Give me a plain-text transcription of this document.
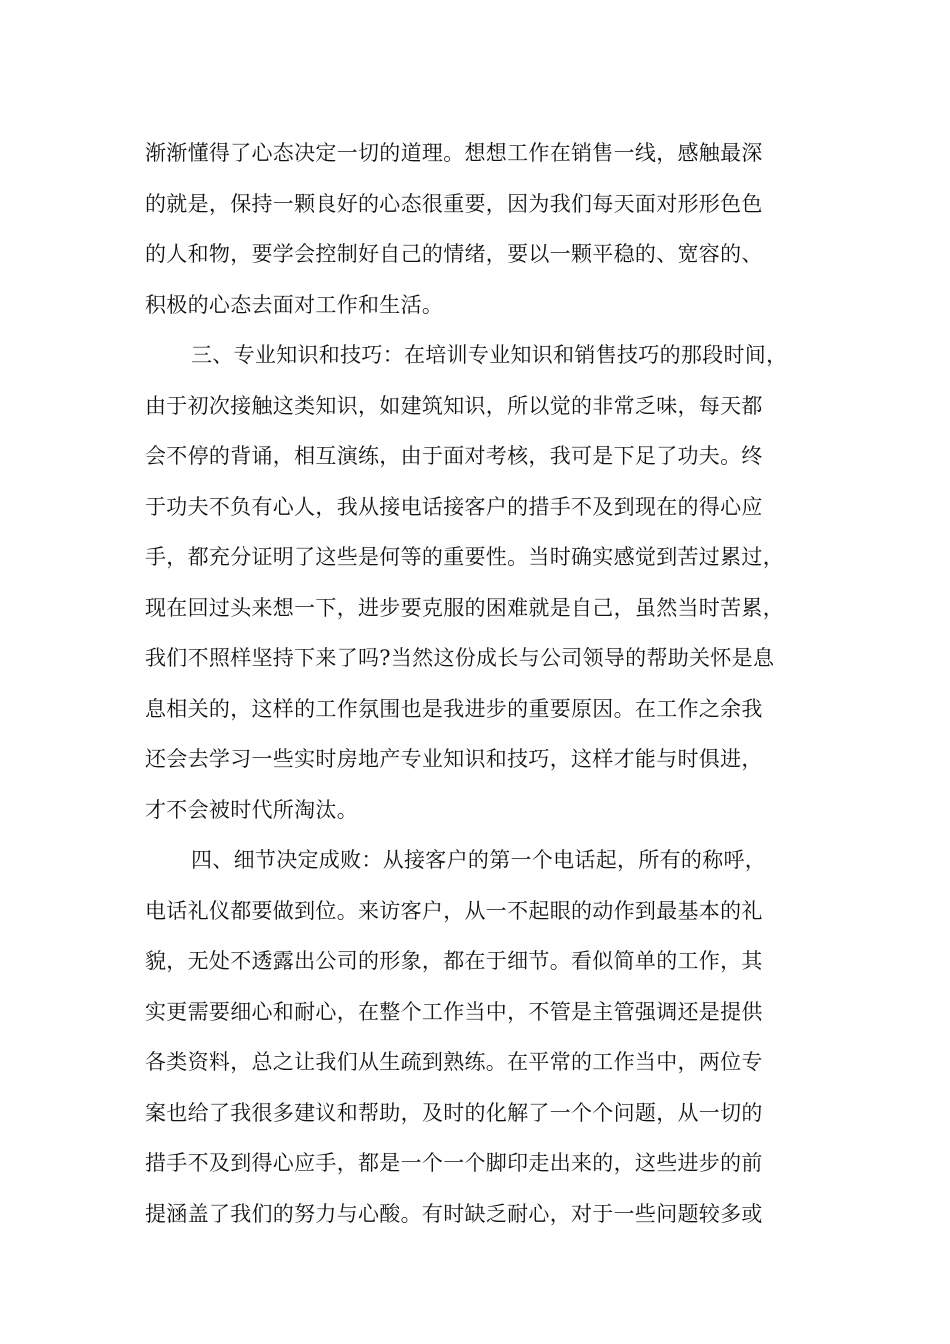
渐渐懂得了心态决定一切的道理。想想工作在销售一线，感触最深
的就是，保持一颗良好的心态很重要，因为我们每天面对形形色色
的人和物，要学会控制好自己的情绪，要以一颗平稳的、宽容的、
积极的心态去面对工作和生活。
三、专业知识和技巧：在培训专业知识和销售技巧的那段时间，
由于初次接触这类知识，如建筑知识，所以觉的非常乏味，每天都
会不停的背诵，相互演练，由于面对考核，我可是下足了功夫。终
于功夫不负有心人，我从接电话接客户的措手不及到现在的得心应
手，都充分证明了这些是何等的重要性。当时确实感觉到苦过累过，
现在回过头来想一下，进步要克服的困难就是自己，虽然当时苦累，
我们不照样坚持下来了吗?当然这份成长与公司领导的帮助关怀是息
息相关的，这样的工作氛围也是我进步的重要原因。在工作之余我
还会去学习一些实时房地产专业知识和技巧，这样才能与时俱进，
才不会被时代所淘汰。
四、细节决定成败：从接客户的第一个电话起，所有的称呼，
电话礼仪都要做到位。来访客户，从一不起眼的动作到最基本的礼
貌，无处不透露出公司的形象，都在于细节。看似简单的工作，其
实更需要细心和耐心，在整个工作当中，不管是主管强调还是提供
各类资料，总之让我们从生疏到熟练。在平常的工作当中，两位专
案也给了我很多建议和帮助，及时的化解了一个个问题，从一切的
措手不及到得心应手，都是一个一个脚印走出来的，这些进步的前
提涵盖了我们的努力与心酸。有时缺乏耐心，对于一些问题较多或
